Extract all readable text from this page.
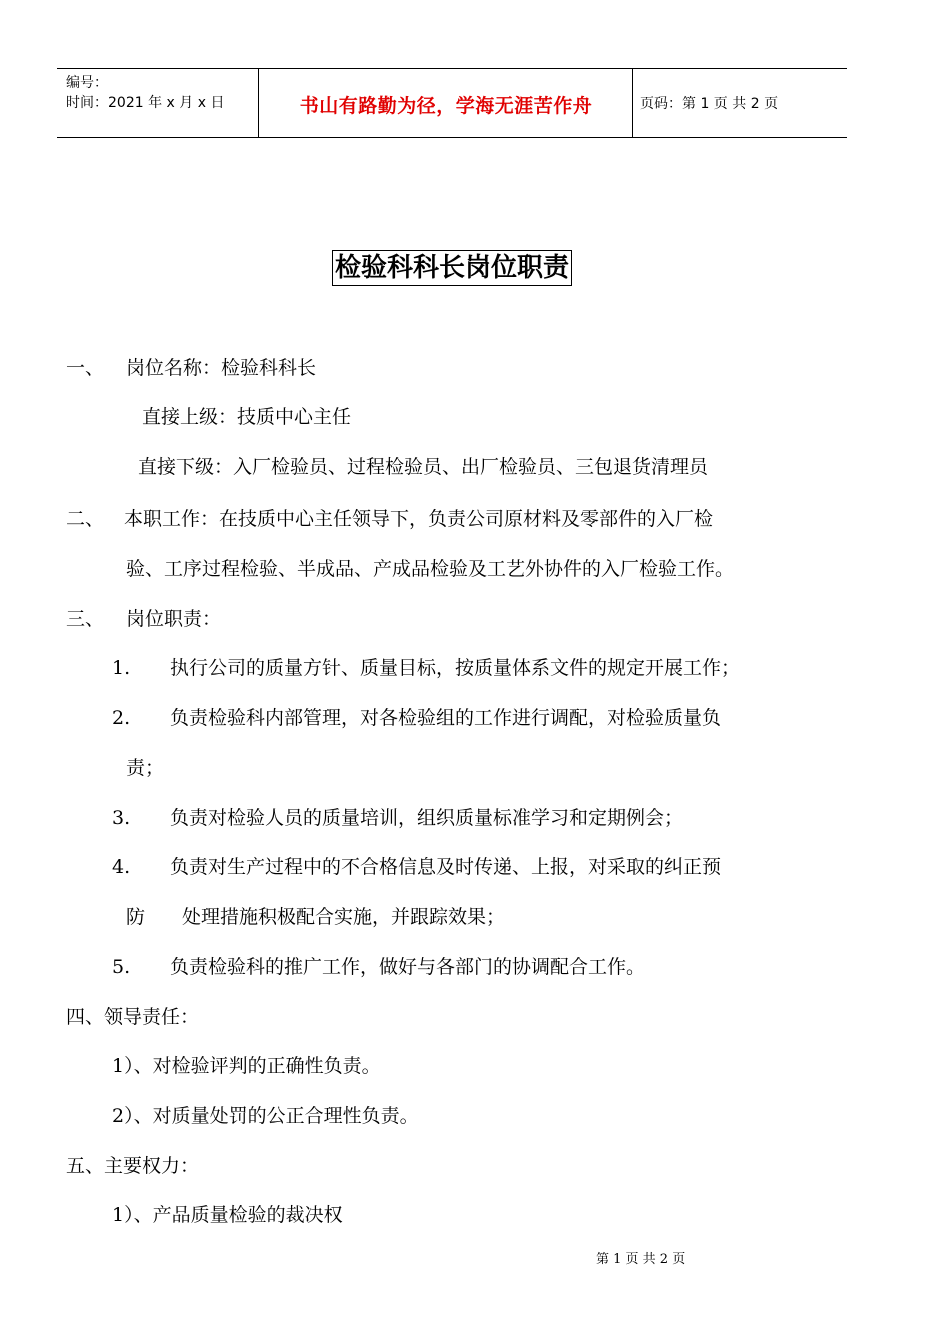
编号：
时间：2021 年 x 月 x 日	书山有路勤为径，学海无涯苦作舟	页码：第 1 页 共 2 页
检验科科长岗位职责
一、 岗位名称：检验科科长
直接上级：技质中心主任
直接下级：入厂检验员、过程检验员、出厂检验员、三包退货清理员
二、 本职工作：在技质中心主任领导下，负责公司原材料及零部件的入厂检
验、工序过程检验、半成品、产成品检验及工艺外协件的入厂检验工作。
三、 岗位职责：
1. 执行公司的质量方针、质量目标，按质量体系文件的规定开展工作；
2. 负责检验科内部管理，对各检验组的工作进行调配，对检验质量负
责；
3. 负责对检验人员的质量培训，组织质量标准学习和定期例会；
4. 负责对生产过程中的不合格信息及时传递、上报，对采取的纠正预
防 处理措施积极配合实施，并跟踪效果；
5. 负责检验科的推广工作，做好与各部门的协调配合工作。
四、领导责任：
1）、对检验评判的正确性负责。
2）、对质量处罚的公正合理性负责。
五、主要权力：
1）、产品质量检验的裁决权
第 1 页 共 2 页
